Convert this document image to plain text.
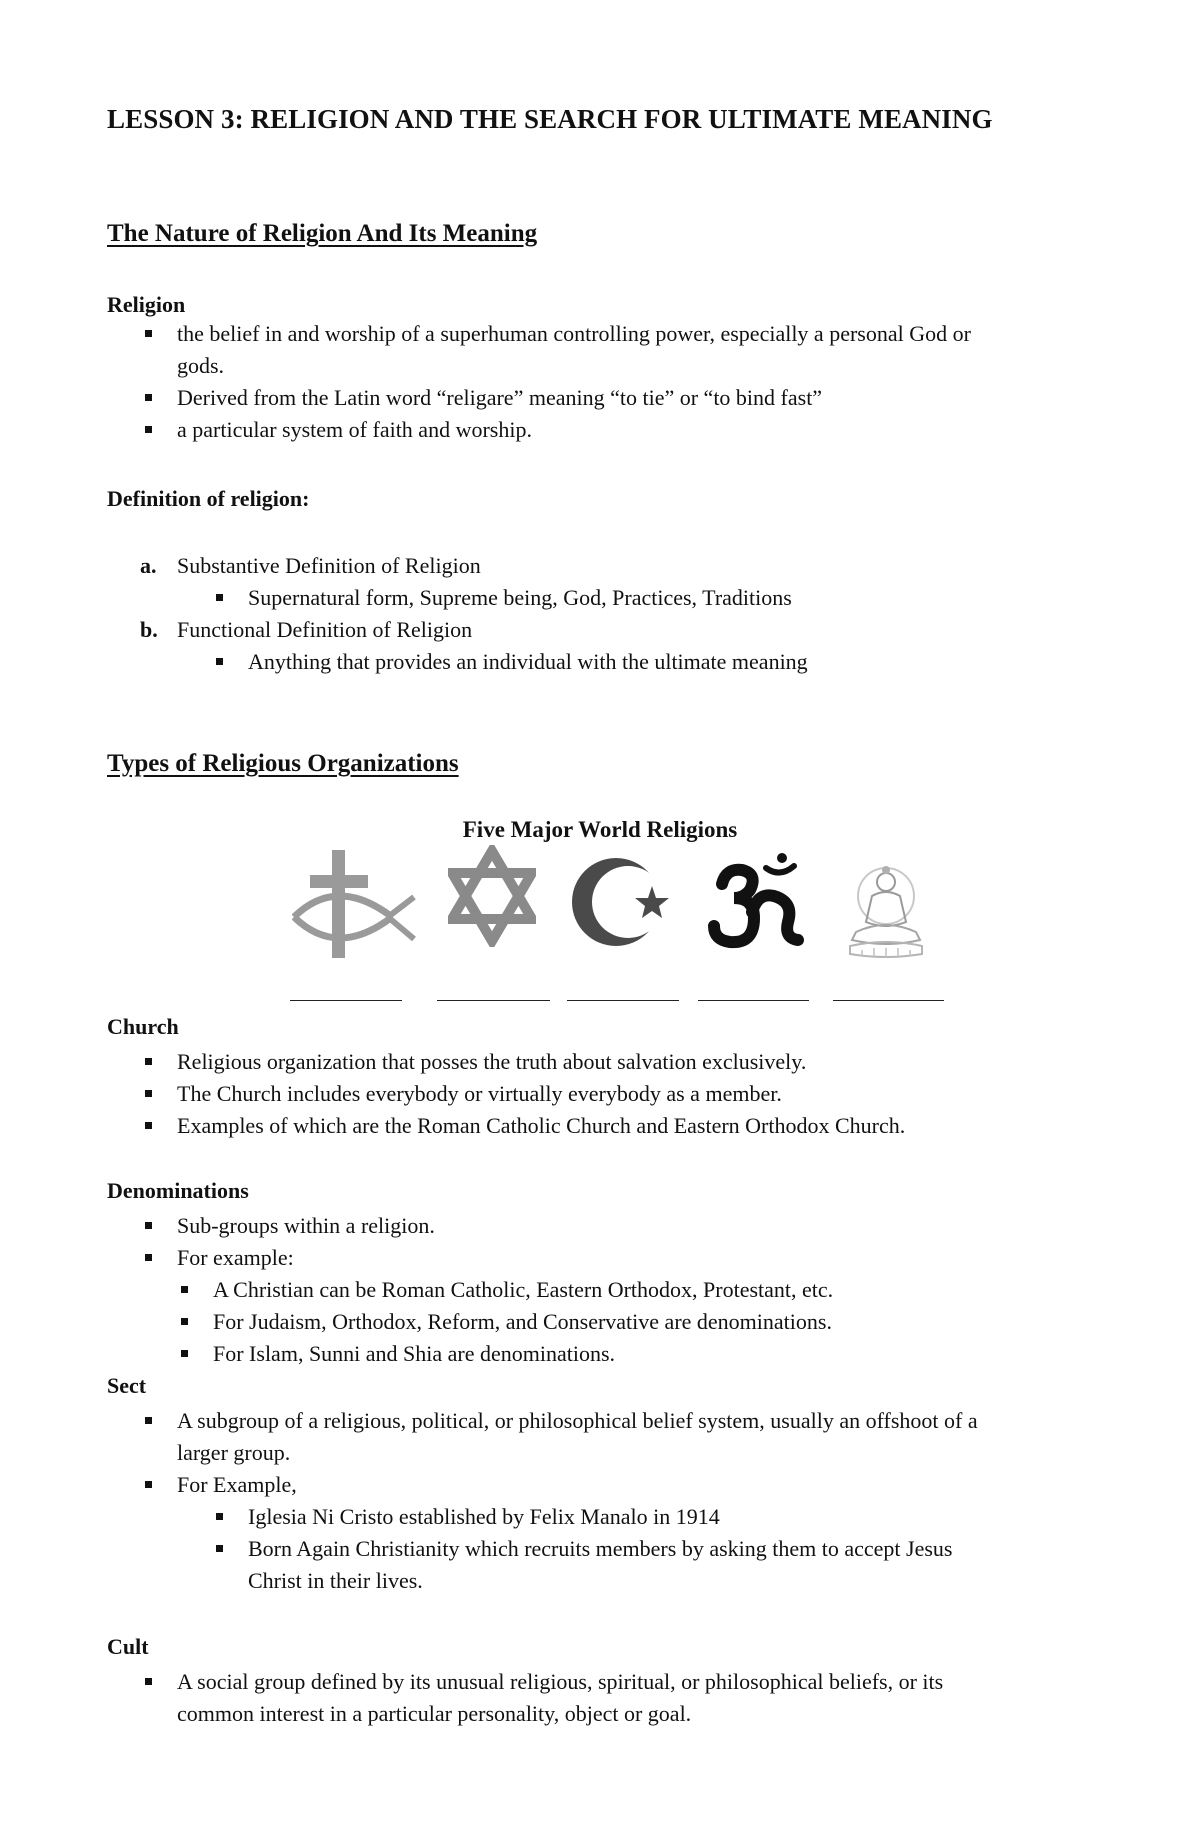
LESSON 3: RELIGION AND THE SEARCH FOR ULTIMATE MEANING
The Nature of Religion And Its Meaning
Religion
the belief in and worship of a superhuman controlling power, especially a personal God or
gods.
Derived from the Latin word “religare” meaning “to tie” or “to bind fast”
a particular system of faith and worship.
Definition of religion:
a. Substantive Definition of Religion
Supernatural form, Supreme being, God, Practices, Traditions
b. Functional Definition of Religion
Anything that provides an individual with the ultimate meaning
Types of Religious Organizations
Five Major World Religions
Church
Religious organization that posses the truth about salvation exclusively.
The Church includes everybody or virtually everybody as a member.
Examples of which are the Roman Catholic Church and Eastern Orthodox Church.
Denominations
Sub-groups within a religion.
For example:
A Christian can be Roman Catholic, Eastern Orthodox, Protestant, etc.
For Judaism, Orthodox, Reform, and Conservative are denominations.
For Islam, Sunni and Shia are denominations.
Sect
A subgroup of a religious, political, or philosophical belief system, usually an offshoot of a
larger group.
For Example,
Iglesia Ni Cristo established by Felix Manalo in 1914
Born Again Christianity which recruits members by asking them to accept Jesus
Christ in their lives.
Cult
A social group defined by its unusual religious, spiritual, or philosophical beliefs, or its
common interest in a particular personality, object or goal.
